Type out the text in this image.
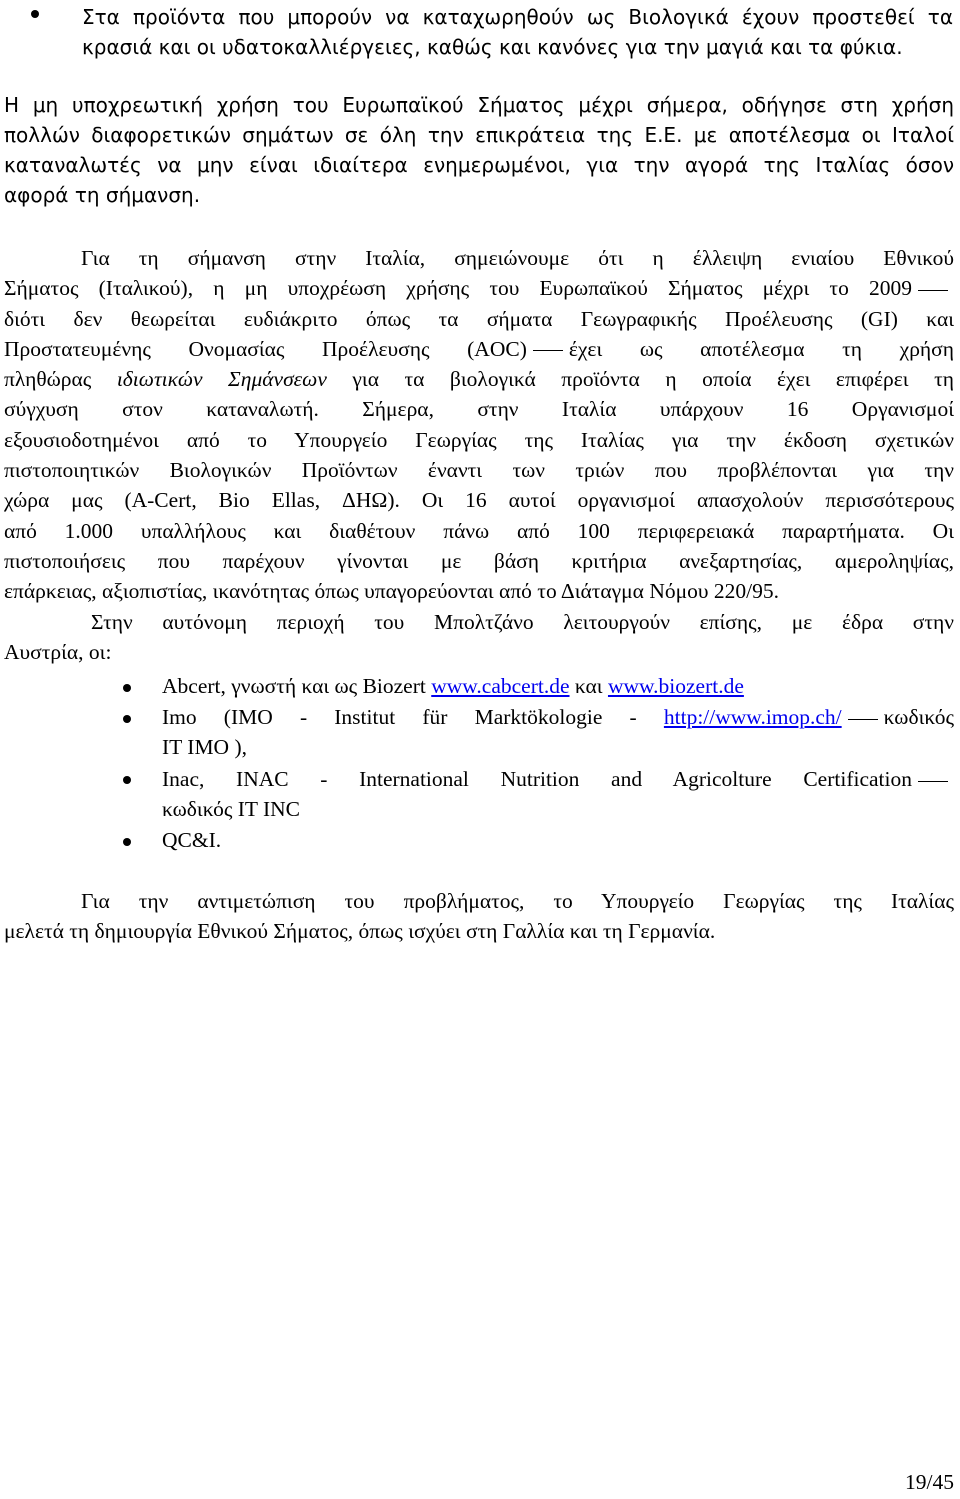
Στα προϊόντα που μπορούν να καταχωρηθούν ως Βιολογικά έχουν προστεθεί τα
κρασιά και οι υδατοκαλλιέργειες, καθώς και κανόνες για την μαγιά και τα φύκια.
Η μη υποχρεωτική χρήση του Ευρωπαϊκού Σήματος μέχρι σήμερα, οδήγησε στη χρήση
πολλών διαφορετικών σημάτων σε όλη την επικράτεια της Ε.Ε. με αποτέλεσμα οι Ιταλοί
καταναλωτές να μην είναι ιδιαίτερα ενημερωμένοι, για την αγορά της Ιταλίας όσον
αφορά τη σήμανση.
Για τη σήμανση στην Ιταλία, σημειώνουμε ότι η έλλειψη ενιαίου Εθνικού
Σήματος (Ιταλικού), η μη υποχρέωση χρήσης του Ευρωπαϊκού Σήματος μέχρι το 2009
διότι δεν θεωρείται ευδιάκριτο όπως τα σήματα Γεωγραφικής Προέλευσης (GI) και
Προστατευμένης Ονομασίας Προέλευσης (AOC) έχει ως αποτέλεσμα τη χρήση
πληθώρας ιδιωτικών Σημάνσεων για τα βιολογικά προϊόντα η οποία έχει επιφέρει τη
σύγχυση στον καταναλωτή. Σήμερα, στην Ιταλία υπάρχουν 16 Οργανισμοί
εξουσιοδοτημένοι από το Υπουργείο Γεωργίας της Ιταλίας για την έκδοση σχετικών
πιστοποιητικών Βιολογικών Προϊόντων έναντι των τριών που προβλέπονται για την
χώρα μας (A-Cert, Bio Ellas, ΔΗΩ). Οι 16 αυτοί οργανισμοί απασχολούν περισσότερους
από 1.000 υπαλλήλους και διαθέτουν πάνω από 100 περιφερειακά παραρτήματα. Οι
πιστοποιήσεις που παρέχουν γίνονται με βάση κριτήρια ανεξαρτησίας, αμεροληψίας,
επάρκειας, αξιοπιστίας, ικανότητας όπως υπαγορεύονται από το Διάταγμα Νόμου 220/95.
Στην αυτόνομη περιοχή του Μπολτζάνο λειτουργούν επίσης, με έδρα στην
Αυστρία, οι:
Abcert, γνωστή και ως Biozert www.cabcert.de και www.biozert.de
Imo (IMO - Institut für Marktökologie - http://www.imop.ch/ κωδικός
IT IMO ),
Inac, INAC - International Nutrition and Agricolture Certification
κωδικός IT INC
QC&I.
Για την αντιμετώπιση του προβλήματος, το Υπουργείο Γεωργίας της Ιταλίας
μελετά τη δημιουργία Εθνικού Σήματος, όπως ισχύει στη Γαλλία και τη Γερμανία.
19/45
